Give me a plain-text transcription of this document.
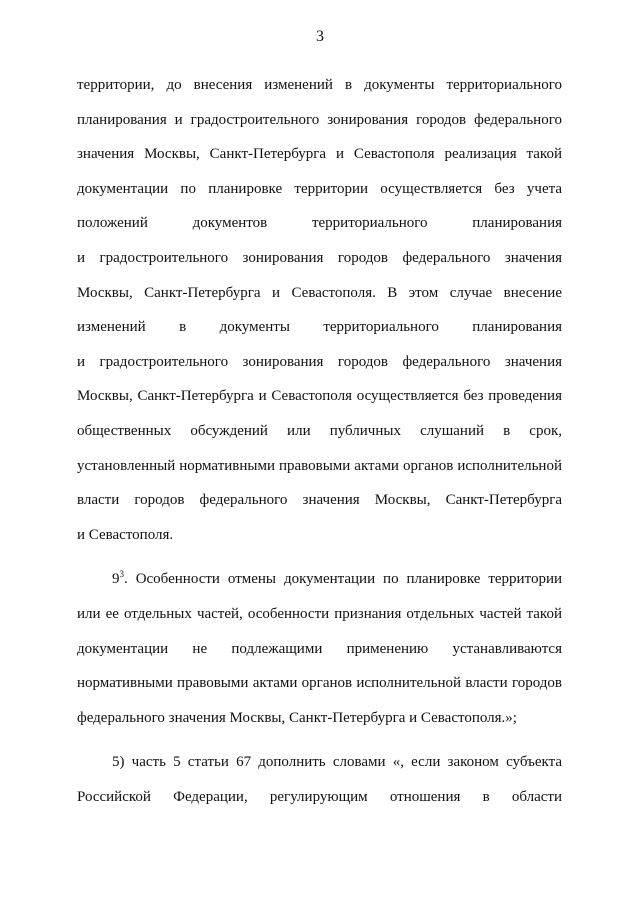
3
территории, до внесения изменений в документы территориального
планирования и градостроительного зонирования городов федерального
значения Москвы, Санкт-Петербурга и Севастополя реализация такой
документации по планировке территории осуществляется без учета
положений документов территориального планирования
и градостроительного зонирования городов федерального значения
Москвы, Санкт-Петербурга и Севастополя. В этом случае внесение
изменений в документы территориального планирования
и градостроительного зонирования городов федерального значения
Москвы, Санкт-Петербурга и Севастополя осуществляется без проведения
общественных обсуждений или публичных слушаний в срок,
установленный нормативными правовыми актами органов исполнительной
власти городов федерального значения Москвы, Санкт-Петербурга
и Севастополя.
$9^3$. Особенности отмены документации по планировке территории
или ее отдельных частей, особенности признания отдельных частей такой
документации не подлежащими применению устанавливаются
нормативными правовыми актами органов исполнительной власти городов
федерального значения Москвы, Санкт-Петербурга и Севастополя.»;
5) часть 5 статьи 67 дополнить словами «, если законом субъекта
Российской Федерации, регулирующим отношения в области
